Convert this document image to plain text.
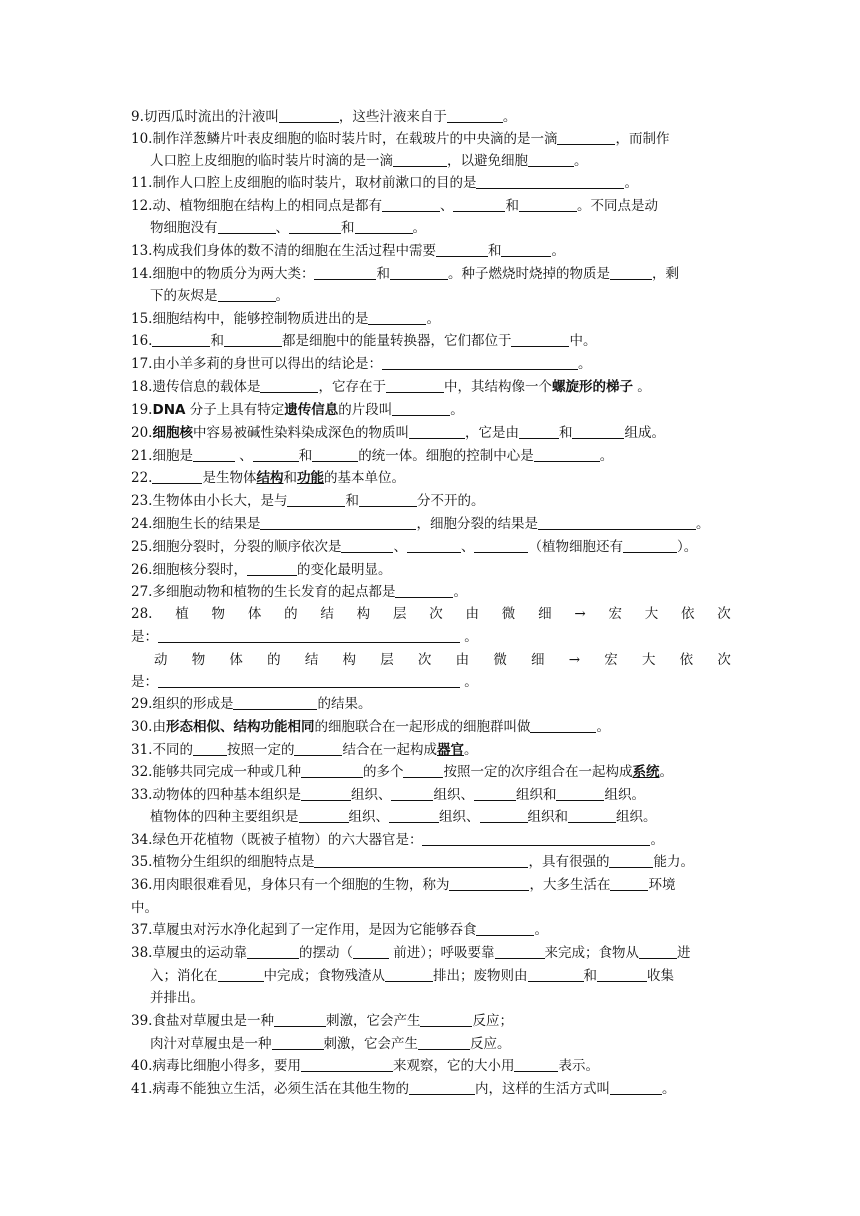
9.切西瓜时流出的汁液叫	，这些汁液来自于	。
10.制作洋葱鳞片叶表皮细胞的临时装片时，在载玻片的中央滴的是一滴	，而制作
人口腔上皮细胞的临时装片时滴的是一滴	，以避免细胞	。
11.制作人口腔上皮细胞的临时装片，取材前漱口的目的是	。
12.动、植物细胞在结构上的相同点是都有	、	和	。不同点是动
物细胞没有	、	和	。
13.构成我们身体的数不清的细胞在生活过程中需要	和	。
14.细胞中的物质分为两大类：	和	。种子燃烧时烧掉的物质是	，剩
下的灰烬是	。
15.细胞结构中，能够控制物质进出的是	。
16.	和	都是细胞中的能量转换器，它们都位于	中。
17.由小羊多莉的身世可以得出的结论是：	。
18.遗传信息的载体是	，它存在于	中，其结构像一个螺旋形的梯子 。
19.DNA 分子上具有特定遗传信息的片段叫	。
20.细胞核中容易被碱性染料染成深色的物质叫	，它是由	和	组成。
21.细胞是	、	和	的统一体。细胞的控制中心是	。
22.	是生物体结构和功能的基本单位。
23.生物体由小长大，是与	和	分不开的。
24.细胞生长的结果是	，细胞分裂的结果是	。
25.细胞分裂时，分裂的顺序依次是	、	、	（植物细胞还有	）。
26.细胞核分裂时，	的变化最明显。
27.多细胞动物和植物的生长发育的起点都是	。
28. 植 物 体 的 结 构 层 次 由 微 细 → 宏 大 依 次
是：	。
动 物 体 的 结 构 层 次 由 微 细 → 宏 大 依 次
是：	。
29.组织的形成是	的结果。
30.由形态相似、结构功能相同的细胞联合在一起形成的细胞群叫做	。
31.不同的	按照一定的	结合在一起构成器官。
32.能够共同完成一种或几种	的多个	按照一定的次序组合在一起构成系统。
33.动物体的四种基本组织是	组织、	组织、	组织和	组织。
植物体的四种主要组织是	组织、	组织、	组织和	组织。
34.绿色开花植物（既被子植物）的六大器官是：	。
35.植物分生组织的细胞特点是	，具有很强的	能力。
36.用肉眼很难看见，身体只有一个细胞的生物，称为	，大多生活在	环境
中。
37.草履虫对污水净化起到了一定作用，是因为它能够吞食	。
38.草履虫的运动靠	的摆动（	前进）；呼吸要靠	来完成；食物从	进
入；消化在	中完成；食物残渣从	排出；废物则由	和	收集
并排出。
39.食盐对草履虫是一种	刺激，它会产生	反应；
肉汁对草履虫是一种	刺激，它会产生	反应。
40.病毒比细胞小得多，要用	来观察，它的大小用	表示。
41.病毒不能独立生活，必须生活在其他生物的	内，这样的生活方式叫	。
